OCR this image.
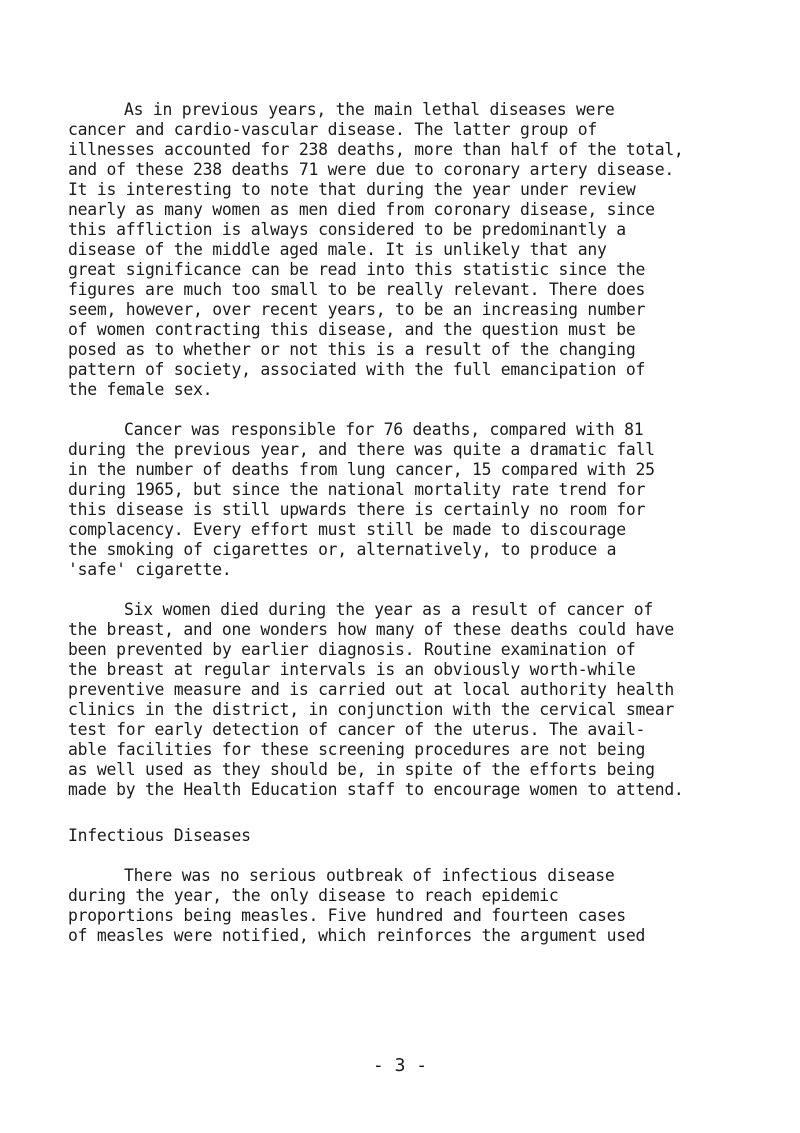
As in previous years, the main lethal diseases were
cancer and cardio-vascular disease. The latter group of
illnesses accounted for 238 deaths, more than half of the total,
and of these 238 deaths 71 were due to coronary artery disease.
It is interesting to note that during the year under review
nearly as many women as men died from coronary disease, since
this affliction is always considered to be predominantly a
disease of the middle aged male. It is unlikely that any
great significance can be read into this statistic since the
figures are much too small to be really relevant. There does
seem, however, over recent years, to be an increasing number
of women contracting this disease, and the question must be
posed as to whether or not this is a result of the changing
pattern of society, associated with the full emancipation of
the female sex.
Cancer was responsible for 76 deaths, compared with 81
during the previous year, and there was quite a dramatic fall
in the number of deaths from lung cancer, 15 compared with 25
during 1965, but since the national mortality rate trend for
this disease is still upwards there is certainly no room for
complacency. Every effort must still be made to discourage
the smoking of cigarettes or, alternatively, to produce a
'safe' cigarette.
Six women died during the year as a result of cancer of
the breast, and one wonders how many of these deaths could have
been prevented by earlier diagnosis. Routine examination of
the breast at regular intervals is an obviously worth-while
preventive measure and is carried out at local authority health
clinics in the district, in conjunction with the cervical smear
test for early detection of cancer of the uterus. The avail-
able facilities for these screening procedures are not being
as well used as they should be, in spite of the efforts being
Infectious Diseases
made by the Health Education staff to encourage women to attend.
There was no serious outbreak of infectious disease
during the year, the only disease to reach epidemic
proportions being measles. Five hundred and fourteen cases
of measles were notified, which reinforces the argument used
- 3 -
